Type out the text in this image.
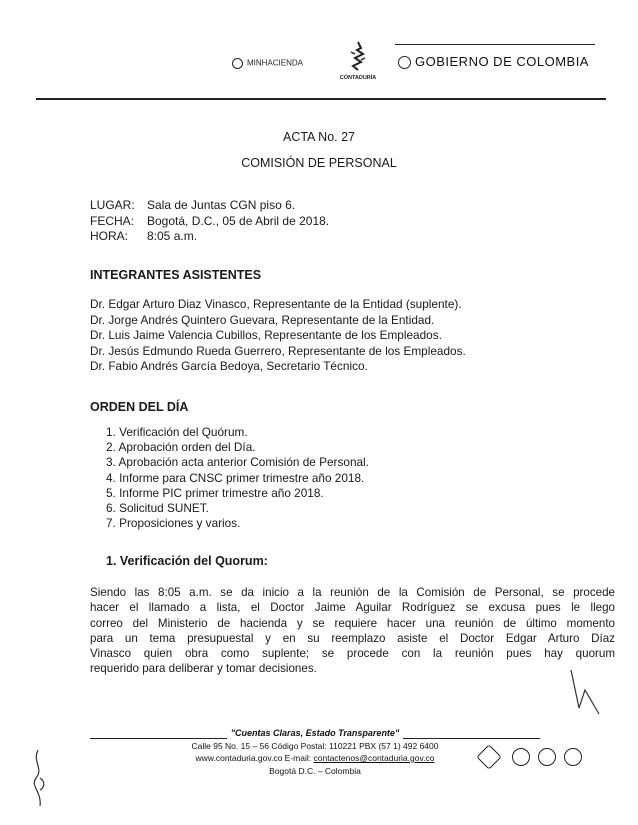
MINHACIENDA
CONTADURÍA
GOBIERNO DE COLOMBIA
ACTA No. 27
COMISIÓN DE PERSONAL
LUGAR: Sala de Juntas CGN piso 6.
FECHA: Bogotá, D.C., 05 de Abril de 2018.
HORA: 8:05 a.m.
INTEGRANTES ASISTENTES
Dr. Edgar Arturo Diaz Vinasco, Representante de la Entidad (suplente).
Dr. Jorge Andrés Quintero Guevara, Representante de la Entidad.
Dr. Luis Jaime Valencia Cubillos, Representante de los Empleados.
Dr. Jesús Edmundo Rueda Guerrero, Representante de los Empleados.
Dr. Fabio Andrés García Bedoya, Secretario Técnico.
ORDEN DEL DÍA
1. Verificación del Quórum.
2. Aprobación orden del Día.
3. Aprobación acta anterior Comisión de Personal.
4. Informe para CNSC primer trimestre año 2018.
5. Informe PIC primer trimestre año 2018.
6. Solicitud SUNET.
7. Proposiciones y varios.
1. Verificación del Quorum:
Siendo las 8:05 a.m. se da inicio a la reunión de la Comisión de Personal, se procede
hacer el llamado a lista, el Doctor Jaime Aguilar Rodríguez se excusa pues le llego
correo del Ministerio de hacienda y se requiere hacer una reunión de último momento
para un tema presupuestal y en su reemplazo asiste el Doctor Edgar Arturo Díaz
Vinasco quien obra como suplente; se procede con la reunión pues hay quorum
requerido para deliberar y tomar decisiones.
"Cuentas Claras, Estado Transparente"
Calle 95 No. 15 – 56 Código Postal: 110221 PBX (57 1) 492 6400
www.contaduria.gov.co E-mail: contactenos@contaduria.gov.co
Bogotá D.C. – Colombia
